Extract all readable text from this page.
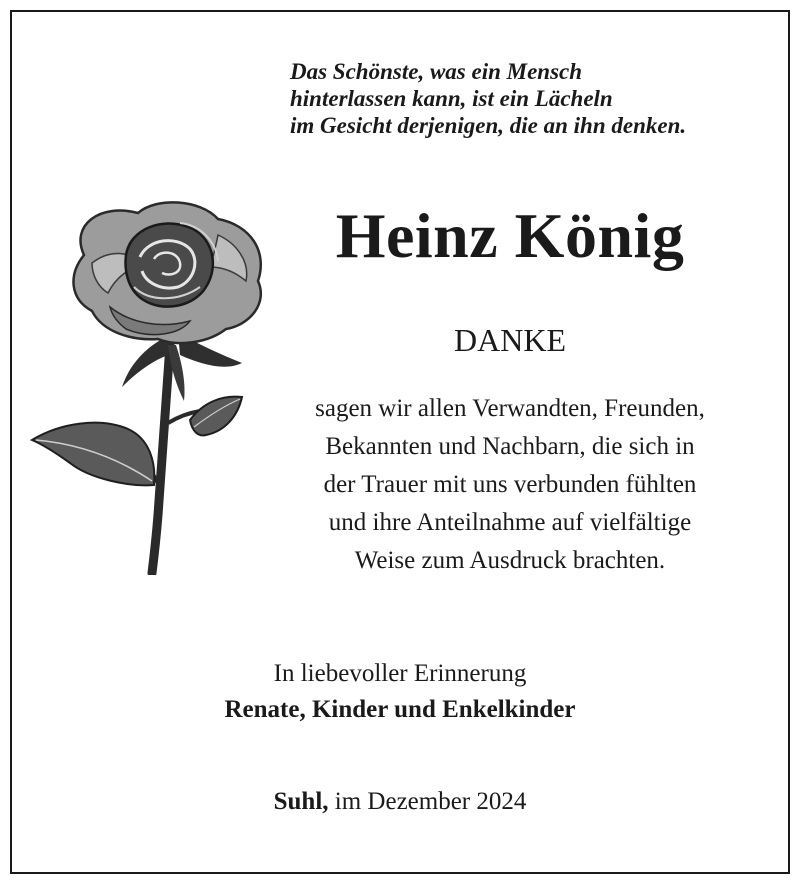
Das Schönste, was ein Mensch
hinterlassen kann, ist ein Lächeln
im Gesicht derjenigen, die an ihn denken.
Heinz König
DANKE
sagen wir allen Verwandten, Freunden,
Bekannten und Nachbarn, die sich in
der Trauer mit uns verbunden fühlten
und ihre Anteilnahme auf vielfältige
Weise zum Ausdruck brachten.
In liebevoller Erinnerung
Renate, Kinder und Enkelkinder
Suhl, im Dezember 2024
